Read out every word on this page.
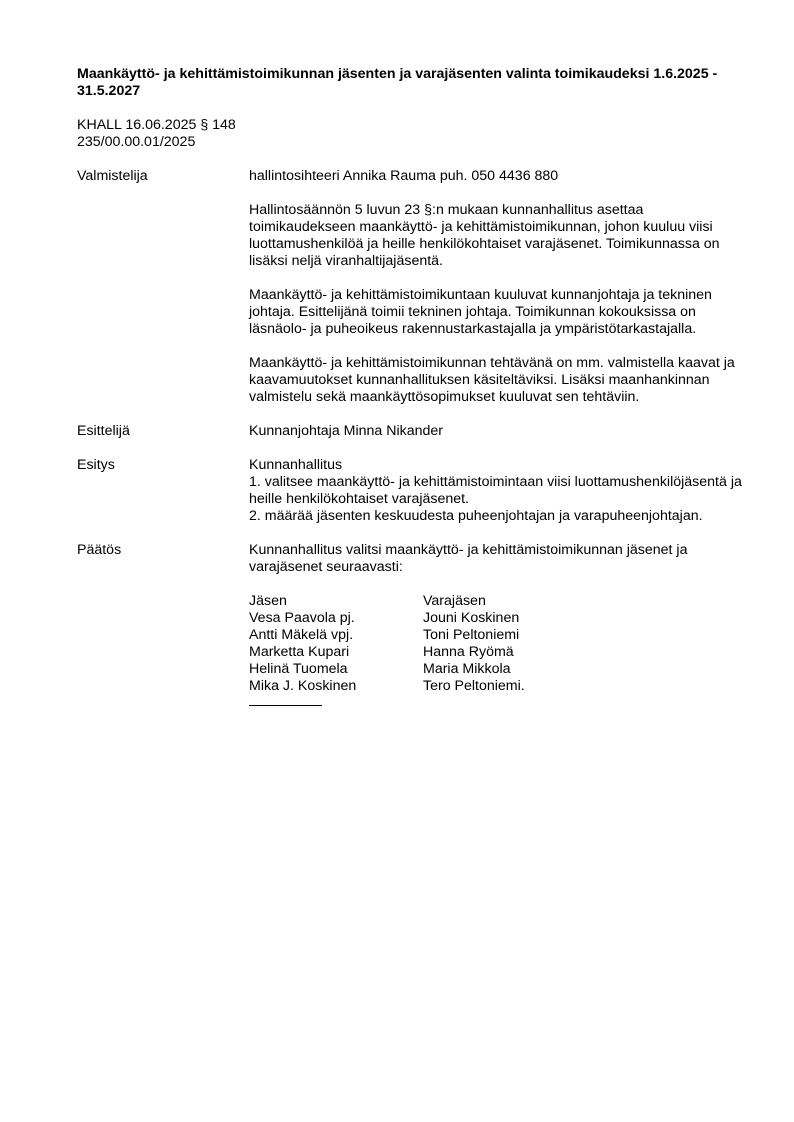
Maankäyttö- ja kehittämistoimikunnan jäsenten ja varajäsenten valinta toimikaudeksi 1.6.2025 - 31.5.2027
KHALL 16.06.2025 § 148
235/00.00.01/2025
Valmistelija	hallintosihteeri Annika Rauma puh. 050 4436 880

Hallintosäännön 5 luvun 23 §:n mukaan kunnanhallitus asettaa toimikaudekseen maankäyttö- ja kehittämistoimikunnan, johon kuuluu viisi luottamushenkilöä ja heille henkilökohtaiset varajäsenet. Toimikunnassa on lisäksi neljä viranhaltijajäsentä.

Maankäyttö- ja kehittämistoimikuntaan kuuluvat kunnanjohtaja ja tekninen johtaja. Esittelijänä toimii tekninen johtaja. Toimikunnan kokouksissa on läsnäolo- ja puheoikeus rakennustarkastajalla ja ympäristötarkastajalla.

Maankäyttö- ja kehittämistoimikunnan tehtävänä on mm. valmistella kaavat ja kaavamuutokset kunnanhallituksen käsiteltäviksi. Lisäksi maanhankinnan valmistelu sekä maankäyttösopimukset kuuluvat sen tehtäviin.

Esittelijä	Kunnanjohtaja Minna Nikander

Esitys	Kunnanhallitus

1. valitsee maankäyttö- ja kehittämistoimintaan viisi luottamushenkilöjäsentä ja heille henkilökohtaiset varajäsenet.

2. määrää jäsenten keskuudesta puheenjohtajan ja varapuheenjohtajan.

Päätös	Kunnanhallitus valitsi maankäyttö- ja kehittämistoimikunnan jäsenet ja varajäsenet seuraavasti:

Jäsen	Varajäsen
Vesa Paavola pj.	Jouni Koskinen
Antti Mäkelä vpj.	Toni Peltoniemi
Marketta Kupari	Hanna Ryömä
Helinä Tuomela	Maria Mikkola
Mika J. Koskinen	Tero Peltoniemi.
